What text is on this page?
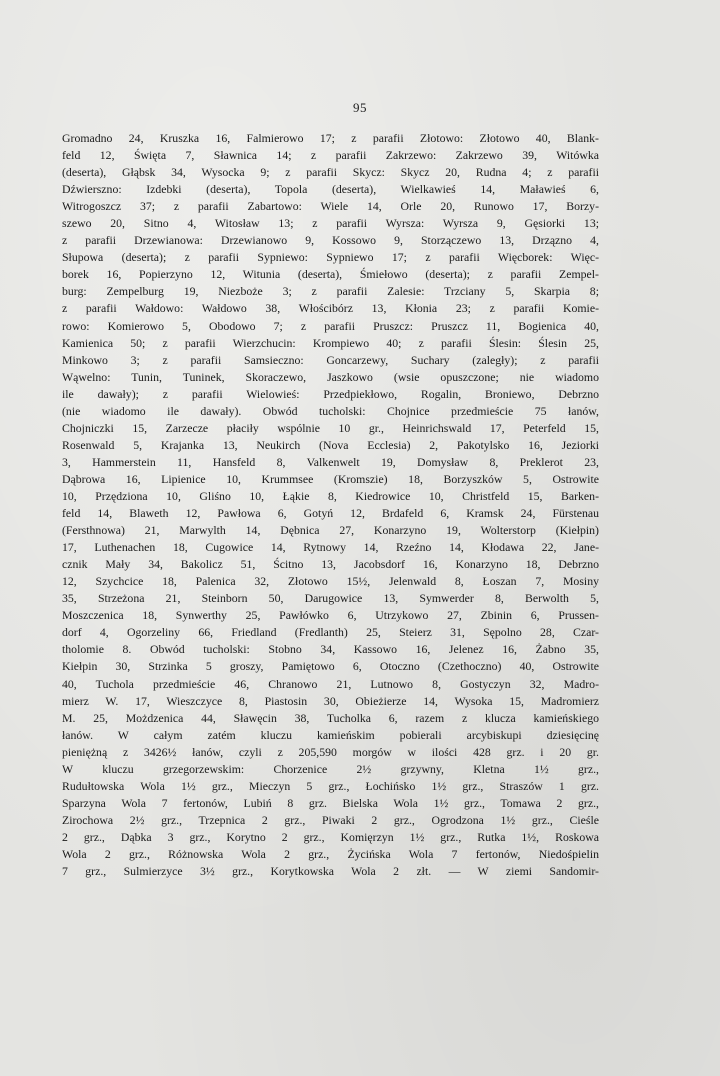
95
Gromadno 24, Kruszka 16, Falmierowo 17; z parafii Złotowo: Złotowo 40, Blank-
feld 12, Święta 7, Sławnica 14; z parafii Zakrzewo: Zakrzewo 39, Witówka
(deserta), Głąbsk 34, Wysocka 9; z parafii Skycz: Skycz 20, Rudna 4; z parafii
Dźwierszno: Izdebki (deserta), Topola (deserta), Wielkawieś 14, Maławieś 6,
Witrogoszcz 37; z parafii Zabartowo: Wiele 14, Orle 20, Runowo 17, Borzy-
szewo 20, Sitno 4, Witosław 13; z parafii Wyrsza: Wyrsza 9, Gęsiorki 13;
z parafii Drzewianowa: Drzewianowo 9, Kossowo 9, Storzączewo 13, Drzązno 4,
Słupowa (deserta); z parafii Sypniewo: Sypniewo 17; z parafii Więcborek: Więc-
borek 16, Popierzyno 12, Witunia (deserta), Śmiełowo (deserta); z parafii Zempel-
burg: Zempelburg 19, Niezboże 3; z parafii Zalesie: Trzciany 5, Skarpia 8;
z parafii Wałdowo: Wałdowo 38, Włościbórz 13, Kłonia 23; z parafii Komie-
rowo: Komierowo 5, Obodowo 7; z parafii Pruszcz: Pruszcz 11, Bogienica 40,
Kamienica 50; z parafii Wierzchucin: Krompiewo 40; z parafii Ślesin: Ślesin 25,
Minkowo 3; z parafii Samsieczno: Goncarzewy, Suchary (zaległy); z parafii
Wąwelno: Tunin, Tuninek, Skoraczewo, Jaszkowo (wsie opuszczone; nie wiadomo
ile dawały); z parafii Wielowieś: Przedpiekłowo, Rogalin, Broniewo, Debrzno
(nie wiadomo ile dawały). Obwód tucholski: Chojnice przedmieście 75 łanów,
Chojniczki 15, Zarzecze płaciły wspólnie 10 gr., Heinrichswald 17, Peterfeld 15,
Rosenwald 5, Krajanka 13, Neukirch (Nova Ecclesia) 2, Pakotylsko 16, Jeziorki
3, Hammerstein 11, Hansfeld 8, Valkenwelt 19, Domysław 8, Preklerot 23,
Dąbrowa 16, Lipienice 10, Krummsee (Kromszie) 18, Borzyszków 5, Ostrowite
10, Przędziona 10, Gliśno 10, Łąkie 8, Kiedrowice 10, Christfeld 15, Barken-
feld 14, Blaweth 12, Pawłowa 6, Gotyń 12, Brdafeld 6, Kramsk 24, Fürstenau
(Fersthnowa) 21, Marwylth 14, Dębnica 27, Konarzyno 19, Wolterstorp (Kiełpin)
17, Luthenachen 18, Cugowice 14, Rytnowy 14, Rzeźno 14, Kłodawa 22, Jane-
cznik Mały 34, Bakolicz 51, Ścitno 13, Jacobsdorf 16, Konarzyno 18, Debrzno
12, Szychcice 18, Palenica 32, Złotowo 15½, Jelenwald 8, Łoszan 7, Mosiny
35, Strzeżona 21, Steinborn 50, Darugowice 13, Symwerder 8, Berwolth 5,
Moszczenica 18, Synwerthy 25, Pawłówko 6, Utrzykowo 27, Zbinin 6, Prussen-
dorf 4, Ogorzeliny 66, Friedland (Fredlanth) 25, Steierz 31, Sępolno 28, Czar-
tholomie 8. Obwód tucholski: Stobno 34, Kassowo 16, Jelenez 16, Żabno 35,
Kiełpin 30, Strzinka 5 groszy, Pamiętowo 6, Otoczno (Czethoczno) 40, Ostrowite
40, Tuchola przedmieście 46, Chranowo 21, Lutnowo 8, Gostyczyn 32, Madro-
mierz W. 17, Wieszczyce 8, Piastosin 30, Obieżierze 14, Wysoka 15, Madromierz
M. 25, Możdzenica 44, Sławęcin 38, Tucholka 6, razem z klucza kamieńskiego
łanów. W całym zatém kluczu kamieńskim pobierali arcybiskupi dziesięcinę
pieniężną z 3426½ łanów, czyli z 205,590 morgów w ilości 428 grz. i 20 gr.
W kluczu grzegorzewskim: Chorzenice 2½ grzywny, Kletna 1½ grz.,
Rudułtowska Wola 1½ grz., Mieczyn 5 grz., Łochińsko 1½ grz., Straszów 1 grz.
Sparzyna Wola 7 fertonów, Lubiń 8 grz. Bielska Wola 1½ grz., Tomawa 2 grz.,
Zirochowa 2½ grz., Trzepnica 2 grz., Piwaki 2 grz., Ogrodzona 1½ grz., Cieśle
2 grz., Dąbka 3 grz., Korytno 2 grz., Komięrzyn 1½ grz., Rutka 1½, Roskowa
Wola 2 grz., Różnowska Wola 2 grz., Życińska Wola 7 fertonów, Niedośpielin
7 grz., Sulmierzyce 3½ grz., Korytkowska Wola 2 złt. — W ziemi Sandomir-
